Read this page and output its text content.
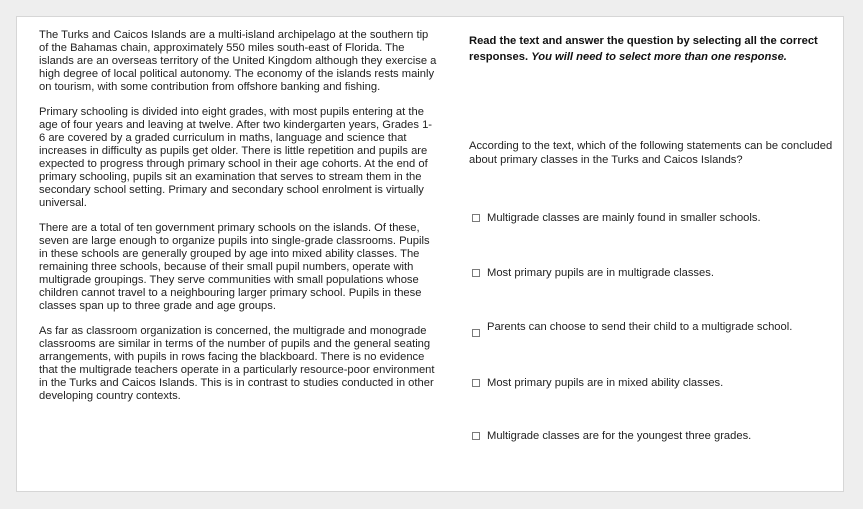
The Turks and Caicos Islands are a multi-island archipelago at the southern tip of the Bahamas chain, approximately 550 miles south-east of Florida. The islands are an overseas territory of the United Kingdom although they exercise a high degree of local political autonomy. The economy of the islands rests mainly on tourism, with some contribution from offshore banking and fishing.

Primary schooling is divided into eight grades, with most pupils entering at the age of four years and leaving at twelve. After two kindergarten years, Grades 1-6 are covered by a graded curriculum in maths, language and science that increases in difficulty as pupils get older. There is little repetition and pupils are expected to progress through primary school in their age cohorts. At the end of primary schooling, pupils sit an examination that serves to stream them in the secondary school setting. Primary and secondary school enrolment is virtually universal.

There are a total of ten government primary schools on the islands. Of these, seven are large enough to organize pupils into single-grade classrooms. Pupils in these schools are generally grouped by age into mixed ability classes. The remaining three schools, because of their small pupil numbers, operate with multigrade groupings. They serve communities with small populations whose children cannot travel to a neighbouring larger primary school. Pupils in these classes span up to three grade and age groups.

As far as classroom organization is concerned, the multigrade and monograde classrooms are similar in terms of the number of pupils and the general seating arrangements, with pupils in rows facing the blackboard. There is no evidence that the multigrade teachers operate in a particularly resource-poor environment in the Turks and Caicos Islands. This is in contrast to studies conducted in other developing country contexts.

Read the text and answer the question by selecting all the correct responses. You will need to select more than one response.
According to the text, which of the following statements can be concluded about primary classes in the Turks and Caicos Islands?
Multigrade classes are mainly found in smaller schools.
Most primary pupils are in multigrade classes.
Parents can choose to send their child to a multigrade school.
Most primary pupils are in mixed ability classes.
Multigrade classes are for the youngest three grades.
